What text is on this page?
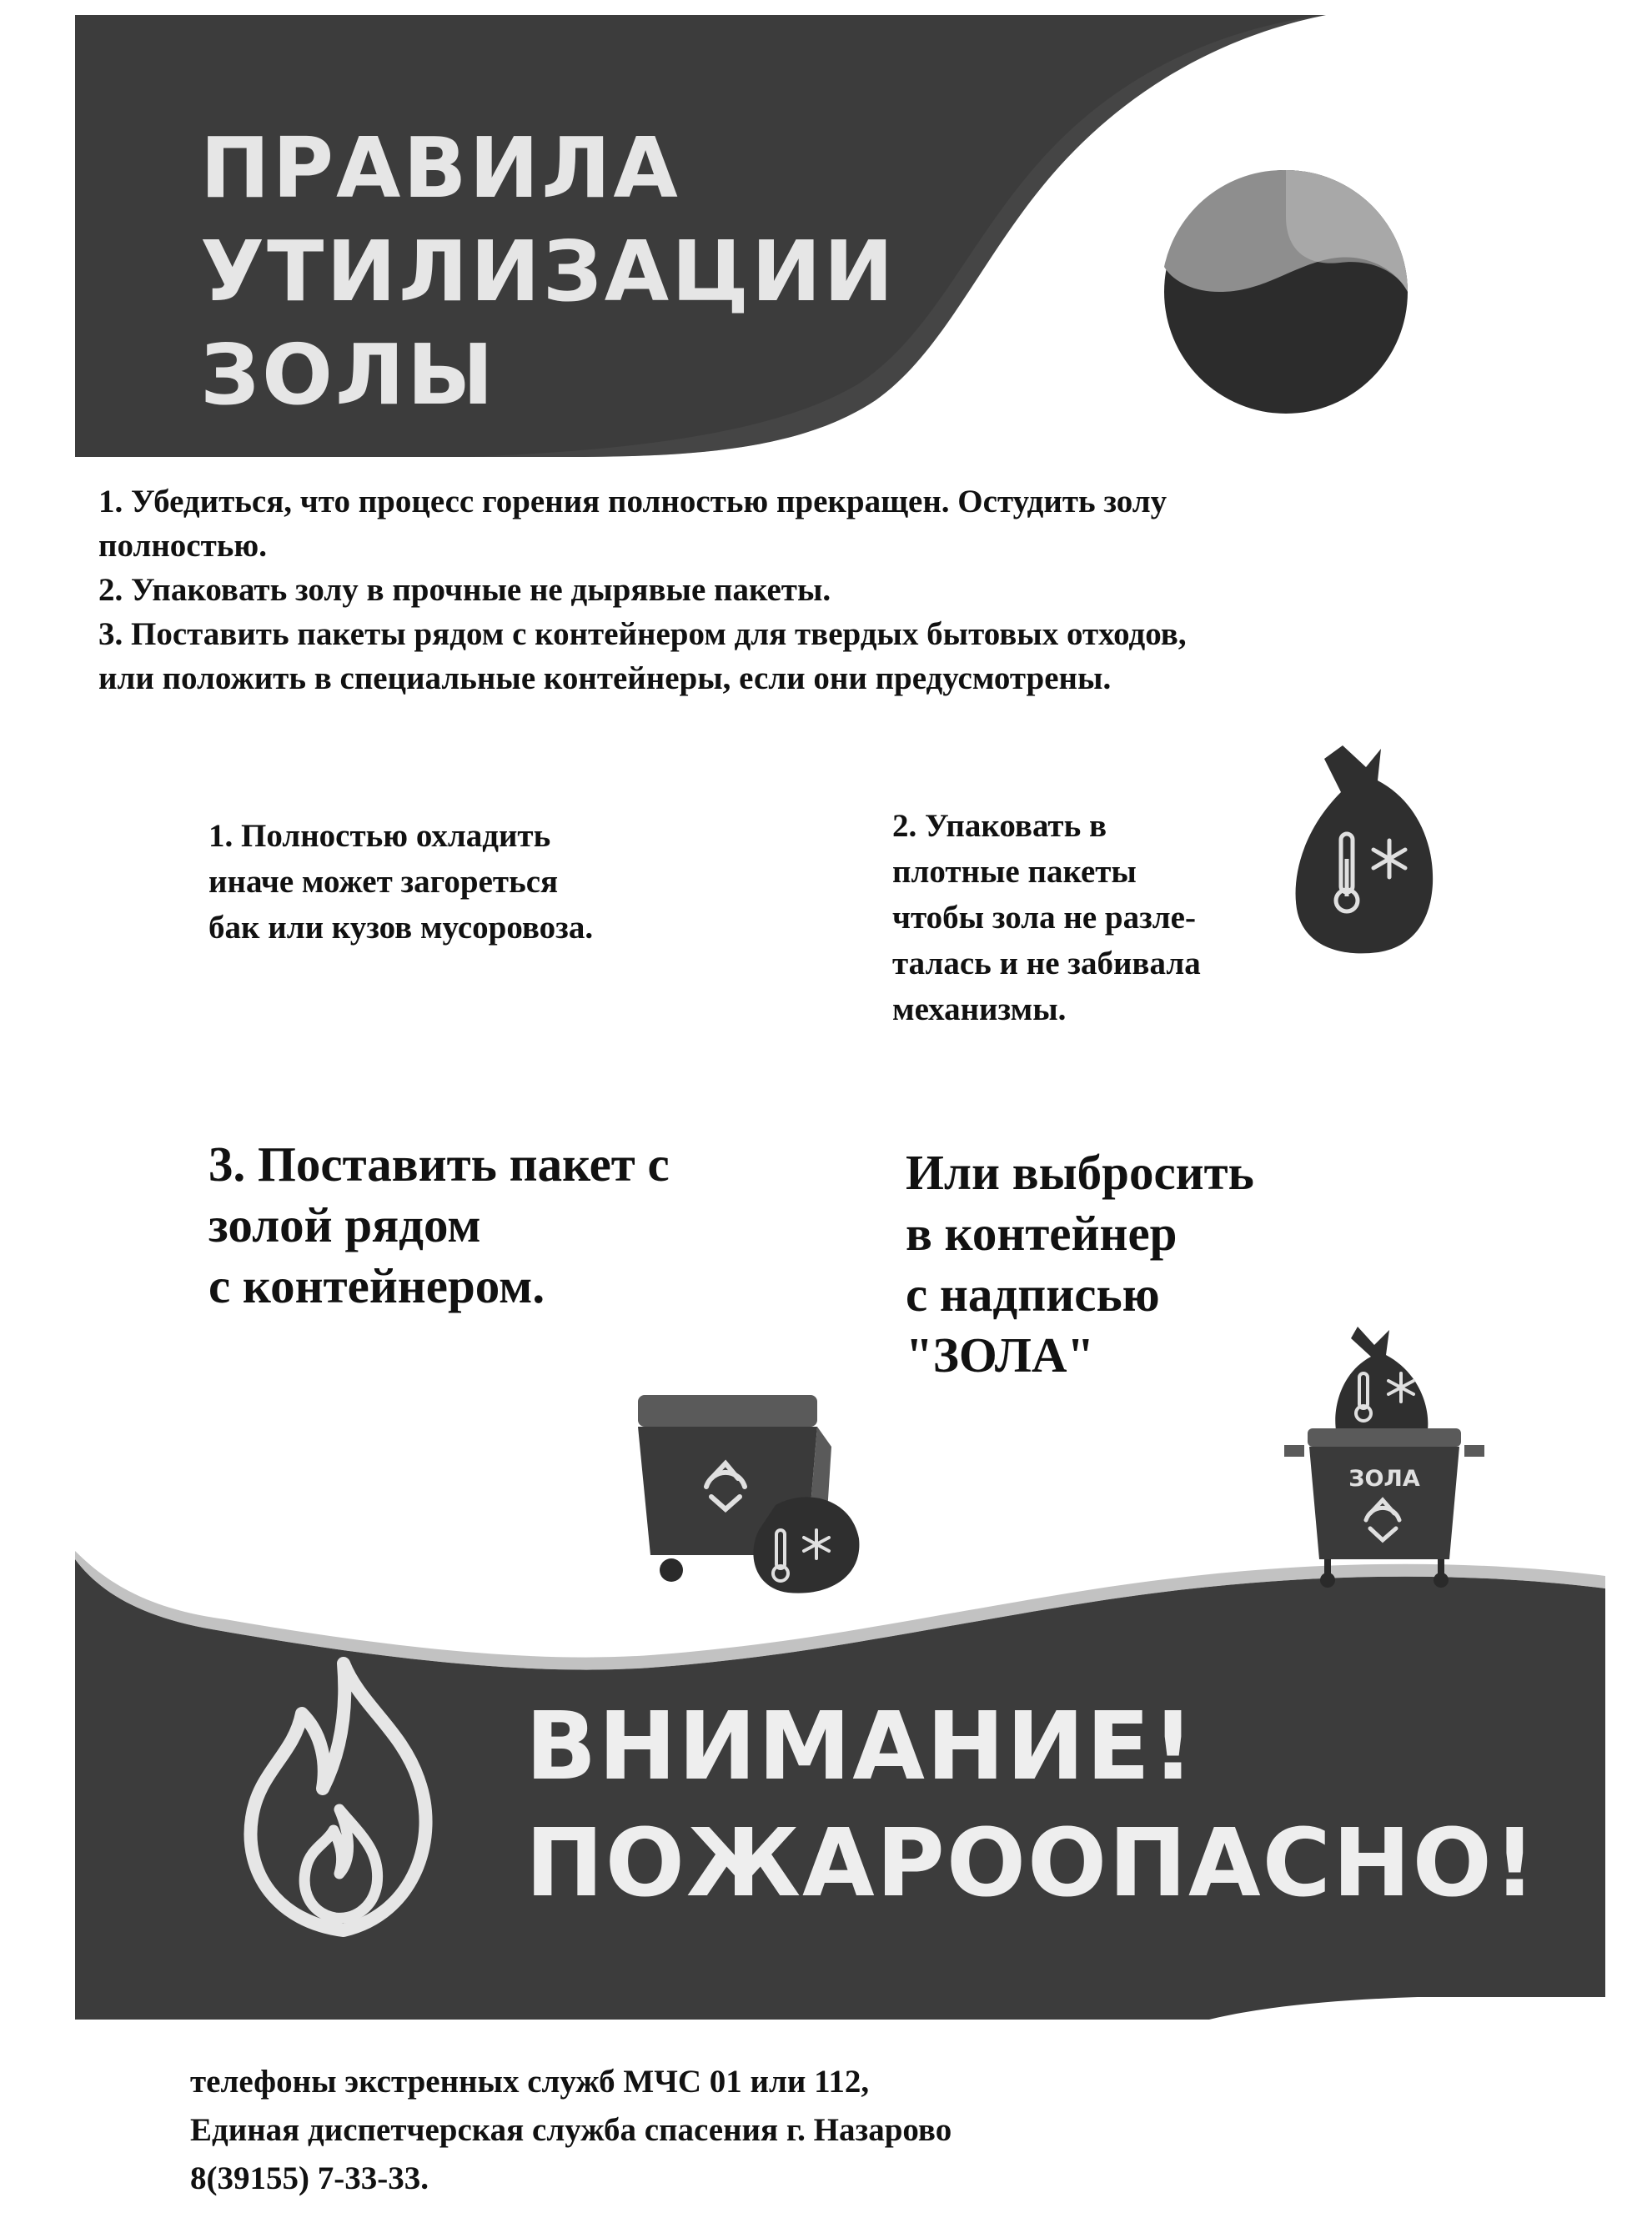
ПРАВИЛА
УТИЛИЗАЦИИ
ЗОЛЫ
1. Убедиться, что процесс горения полностью прекращен. Остудить золу полностью.
2. Упаковать золу в прочные не дырявые пакеты.
3. Поставить пакеты рядом с контейнером для твердых бытовых отходов, или положить в специальные контейнеры, если они предусмотрены.

1. Полностью охладить
иначе может загореться
бак или кузов мусоровоза.

2. Упаковать в
плотные пакеты
чтобы зола не разле-
талась и не забивала
механизмы.

3. Поставить пакет с
золой рядом
с контейнером.

Или выбросить
в контейнер
с надписью
"ЗОЛА"

ЗОЛА
ВНИМАНИЕ!
ПОЖАРООПАСНО!

телефоны экстренных служб МЧС 01 или 112,
Единая диспетчерская служба спасения г. Назарово
8(39155) 7-33-33.
